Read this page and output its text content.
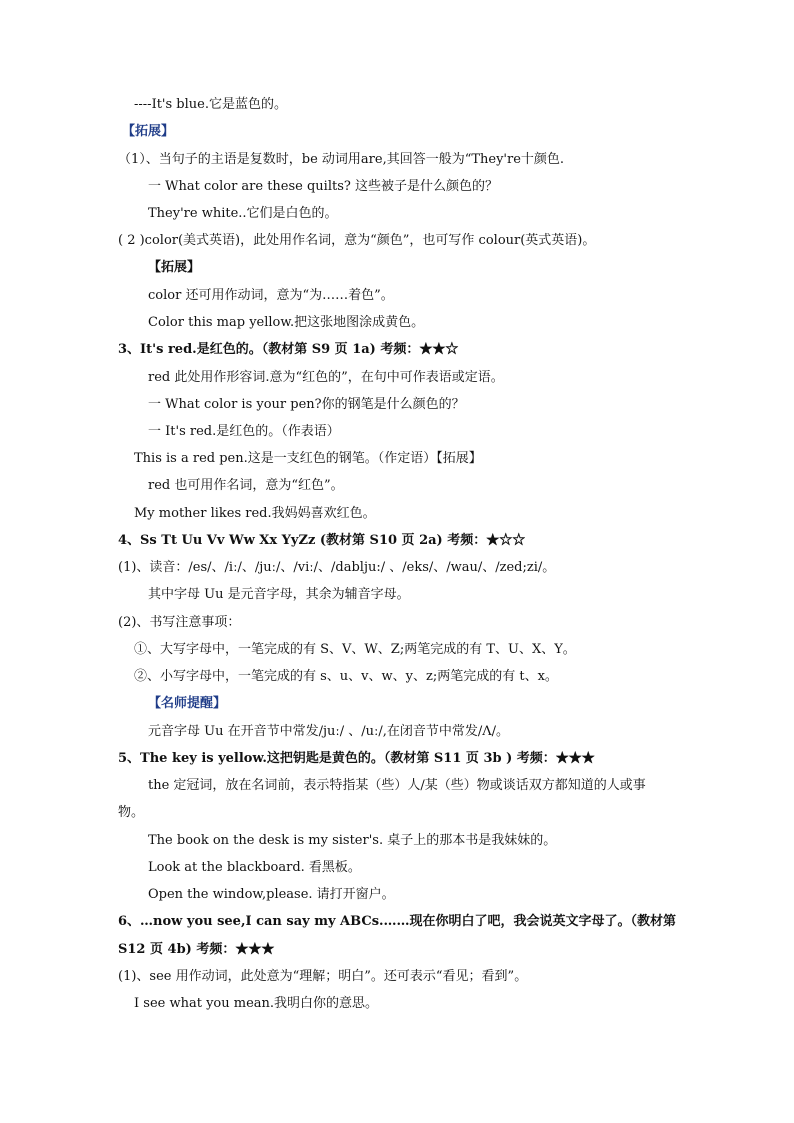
----It's blue.它是蓝色的。
【拓展】
（1）、当句子的主语是复数时，be 动词用are,其回答一般为“They're十颜色.
一 What color are these quilts? 这些被子是什么颜色的？
They're white..它们是白色的。
( 2 )color(美式英语)，此处用作名词，意为“颜色”，也可写作 colour(英式英语)。
【拓展】
color 还可用作动词，意为“为……着色”。
Color this map yellow.把这张地图涂成黄色。
3、It's red.是红色的。（教材第 S9 页 1a) 考频：★★☆
red 此处用作形容词.意为“红色的”，在句中可作表语或定语。
一 What color is your pen?你的钢笔是什么颜色的？
一 It's red.是红色的。（作表语）
This is a red pen.这是一支红色的钢笔。（作定语）【拓展】
red 也可用作名词，意为“红色”。
My mother likes red.我妈妈喜欢红色。
4、Ss Tt Uu Vv Ww Xx YyZz (教材第 S10 页 2a) 考频：★☆☆
(1)、读音：/es/、/iː/、/juː/、/viː/、/dablju:/ 、/eks/、/wau/、/zed;zi/。
其中字母 Uu 是元音字母，其余为辅音字母。
(2)、书写注意事项：
①、大写字母中，一笔完成的有 S、V、W、Z;两笔完成的有 T、U、X、Y。
②、小写字母中，一笔完成的有 s、u、v、w、y、z;两笔完成的有 t、x。
【名师提醒】
元音字母 Uu 在开音节中常发/juː/ 、/uː/,在闭音节中常发/Λ/。
5、The key is yellow.这把钥匙是黄色的。（教材第 S11 页 3b ) 考频：★★★
the 定冠词，放在名词前，表示特指某（些）人/某（些）物或谈话双方都知道的人或事
物。
The book on the desk is my sister's. 桌子上的那本书是我妹妹的。
Look at the blackboard. 看黑板。
Open the window,please. 请打开窗户。
6、…now you see,I can say my ABCs.……现在你明白了吧，我会说英文字母了。（教材第
S12 页 4b) 考频：★★★
(1)、see 用作动词，此处意为“理解；明白”。还可表示“看见；看到”。
I see what you mean.我明白你的意思。
